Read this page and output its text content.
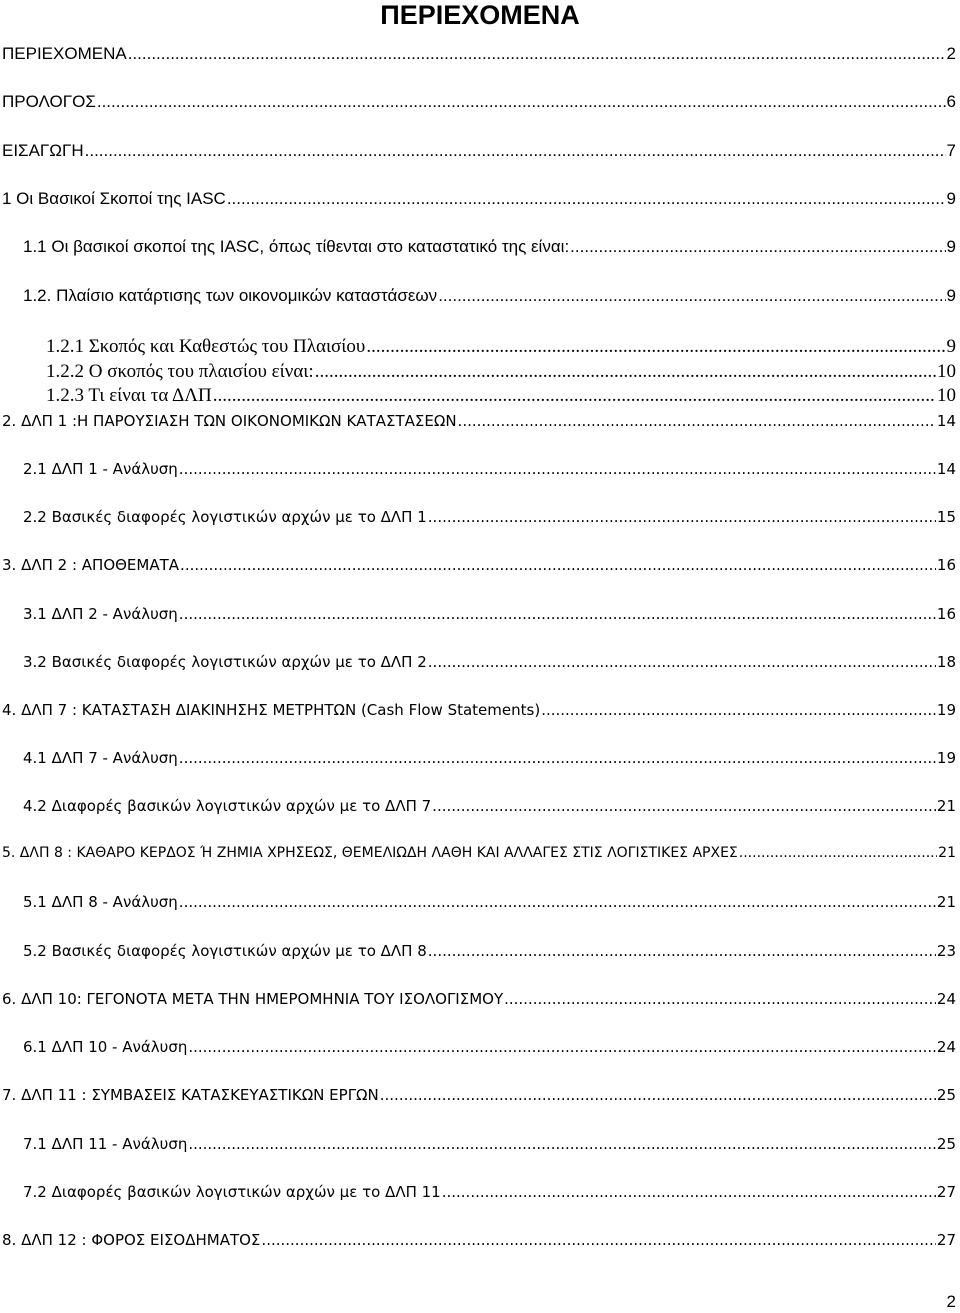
ΠΕΡΙΕΧΟΜΕΝΑ
ΠΕΡΙΕΧΟΜΕΝΑ .....	2
ΠΡΟΛΟΓΟΣ .....	6
ΕΙΣΑΓΩΓΗ .....	7
1 Οι Βασικοί Σκοποί της IASC .....	9
1.1 Οι βασικοί σκοποί της IASC, όπως τίθενται στο καταστατικό της είναι: .....	9
1.2. Πλαίσιο κατάρτισης των οικονομικών καταστάσεων .....	9
1.2.1 Σκοπός και Καθεστώς του Πλαισίου .....	9
1.2.2 Ο σκοπός του πλαισίου είναι: .....	10
1.2.3 Τι είναι τα ΔΛΠ .....	10
2. ΔΛΠ 1 :Η ΠΑΡΟΥΣΙΑΣΗ ΤΩΝ ΟΙΚΟΝΟΜΙΚΩΝ ΚΑΤΑΣΤΑΣΕΩΝ .....	14
2.1 ΔΛΠ 1 - Ανάλυση .....	14
2.2 Βασικές διαφορές λογιστικών αρχών με το ΔΛΠ 1 .....	15
3. ΔΛΠ 2 : ΑΠΟΘΕΜΑΤΑ .....	16
3.1 ΔΛΠ 2 - Ανάλυση .....	16
3.2 Βασικές διαφορές λογιστικών αρχών με το ΔΛΠ 2 .....	18
4. ΔΛΠ 7 : ΚΑΤΑΣΤΑΣΗ ΔΙΑΚΙΝΗΣΗΣ ΜΕΤΡΗΤΩΝ (Cash Flow Statements) .....	19
4.1 ΔΛΠ 7 - Ανάλυση .....	19
4.2 Διαφορές βασικών λογιστικών αρχών με το ΔΛΠ 7 .....	21
5. ΔΛΠ 8 : ΚΑΘΑΡΟ ΚΕΡΔΟΣ Ή ΖΗΜΙΑ ΧΡΗΣΕΩΣ, ΘΕΜΕΛΙΩΔΗ ΛΑΘΗ ΚΑΙ ΑΛΛΑΓΕΣ ΣΤΙΣ ΛΟΓΙΣΤΙΚΕΣ ΑΡΧΕΣ .....	21
5.1 ΔΛΠ 8 - Ανάλυση .....	21
5.2 Βασικές διαφορές λογιστικών αρχών με το ΔΛΠ 8 .....	23
6. ΔΛΠ 10: ΓΕΓΟΝΟΤΑ ΜΕΤΑ ΤΗΝ ΗΜΕΡΟΜΗΝΙΑ ΤΟΥ ΙΣΟΛΟΓΙΣΜΟΥ .....	24
6.1 ΔΛΠ 10 - Ανάλυση .....	24
7. ΔΛΠ 11 : ΣΥΜΒΑΣΕΙΣ ΚΑΤΑΣΚΕΥΑΣΤΙΚΩΝ ΕΡΓΩΝ .....	25
7.1 ΔΛΠ 11 - Ανάλυση .....	25
7.2 Διαφορές βασικών λογιστικών αρχών με το ΔΛΠ 11 .....	27
8. ΔΛΠ 12 : ΦΟΡΟΣ ΕΙΣΟΔΗΜΑΤΟΣ .....	27
2
